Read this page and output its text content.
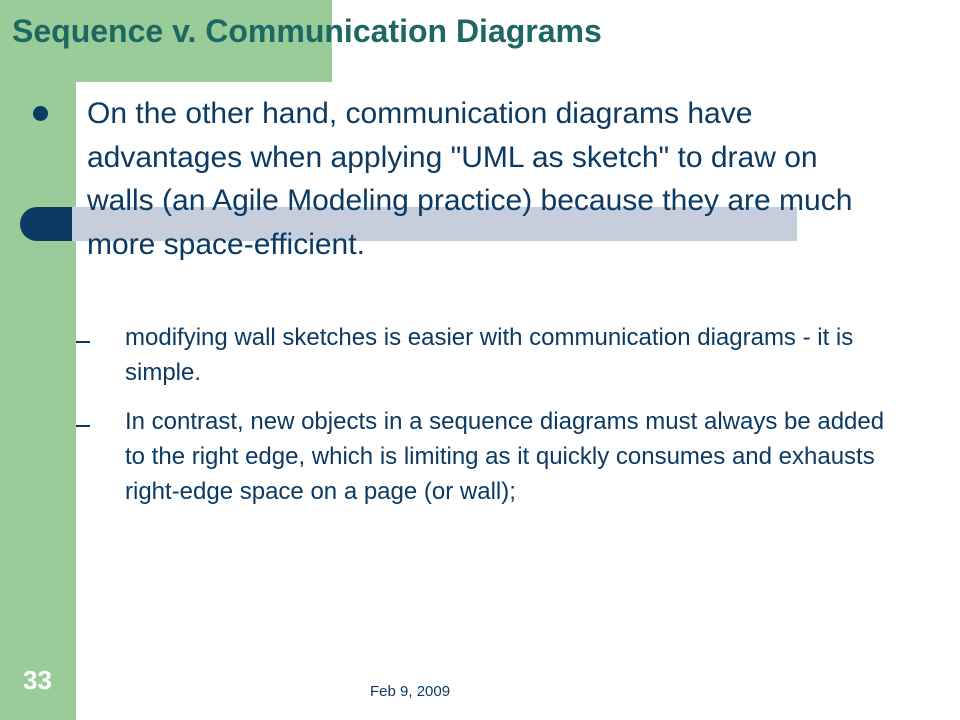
Sequence v. Communication Diagrams

On the other hand, communication diagrams have advantages when applying "UML as sketch" to draw on walls (an Agile Modeling practice) because they are much more space-efficient.

modifying wall sketches is easier with communication diagrams - it is simple.

In contrast, new objects in a sequence diagrams must always be added to the right edge, which is limiting as it quickly consumes and exhausts right-edge space on a page (or wall);

33	Feb 9, 2009
